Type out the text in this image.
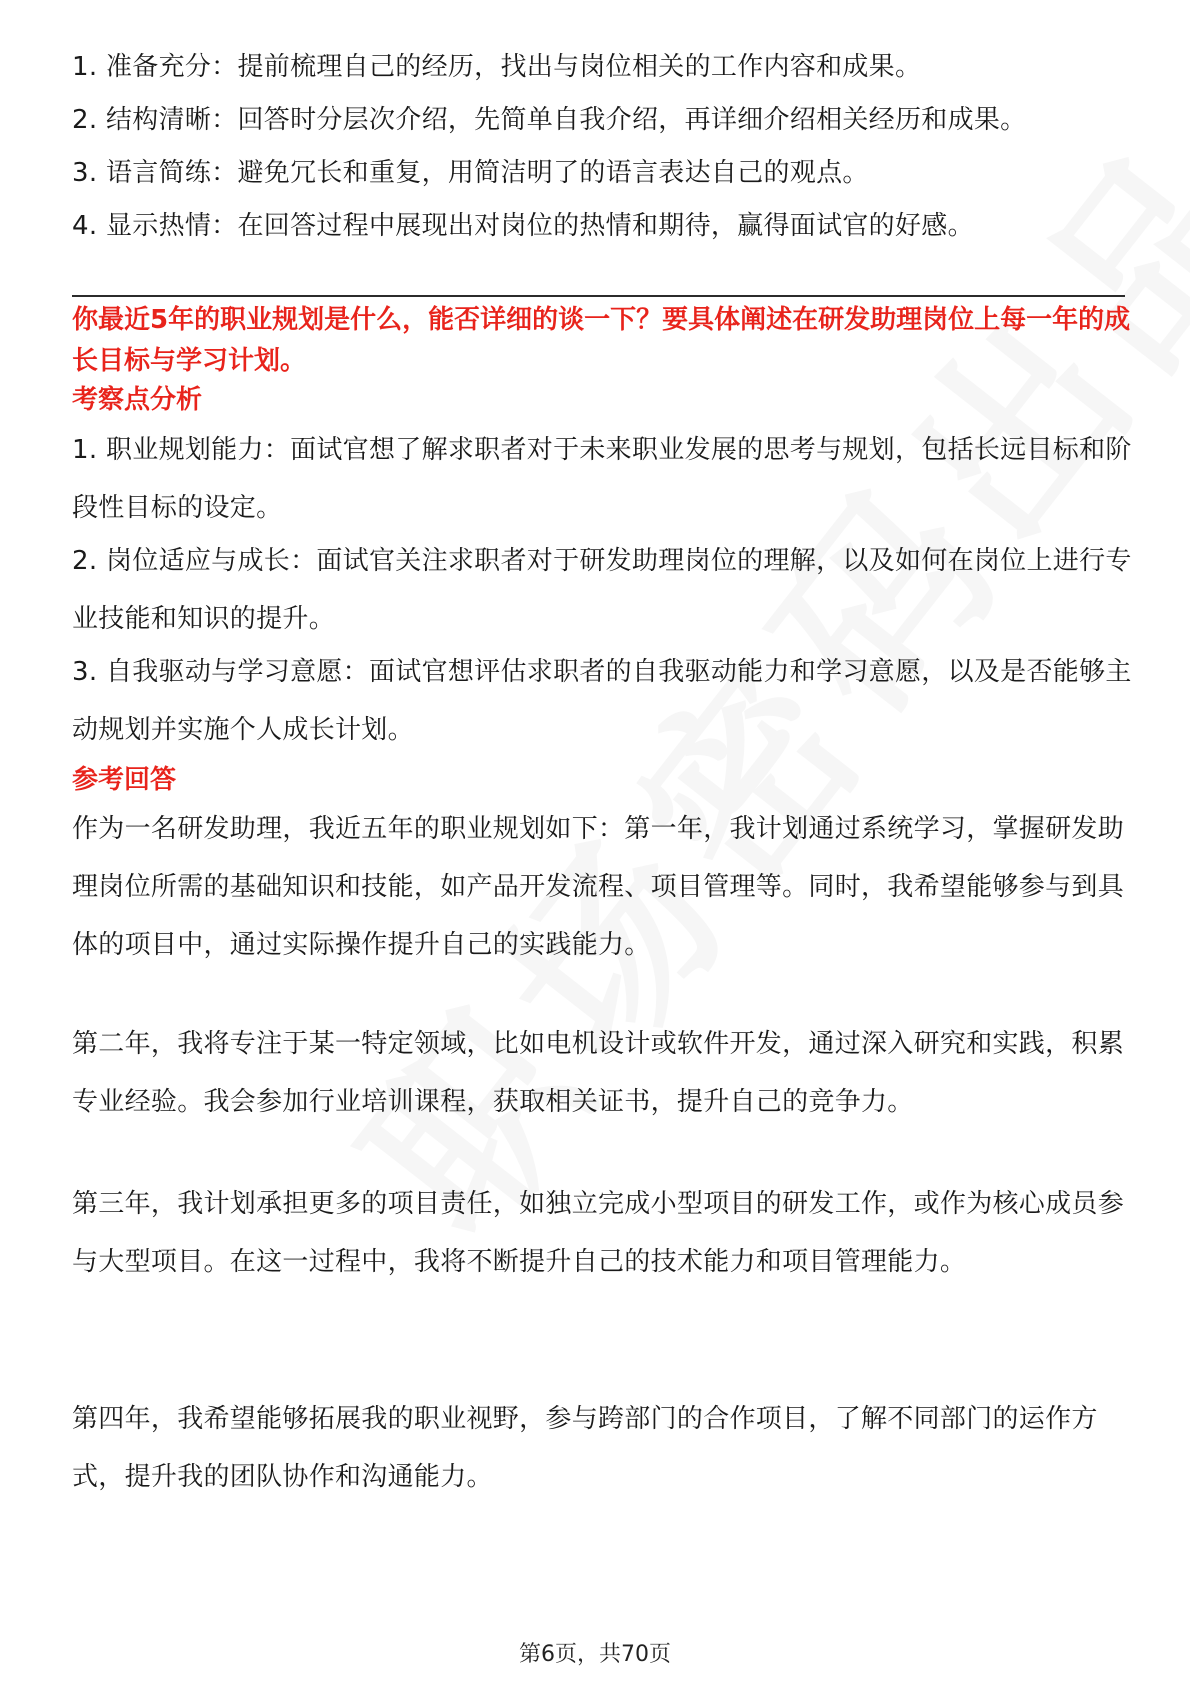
1. 准备充分：提前梳理自己的经历，找出与岗位相关的工作内容和成果。

2. 结构清晰：回答时分层次介绍，先简单自我介绍，再详细介绍相关经历和成果。

3. 语言简练：避免冗长和重复，用简洁明了的语言表达自己的观点。

4. 显示热情：在回答过程中展现出对岗位的热情和期待，赢得面试官的好感。

你最近5年的职业规划是什么，能否详细的谈一下？要具体阐述在研发助理岗位上每一年的成长目标与学习计划。

考察点分析

1. 职业规划能力：面试官想了解求职者对于未来职业发展的思考与规划，包括长远目标和阶段性目标的设定。

2. 岗位适应与成长：面试官关注求职者对于研发助理岗位的理解，以及如何在岗位上进行专业技能和知识的提升。

3. 自我驱动与学习意愿：面试官想评估求职者的自我驱动能力和学习意愿，以及是否能够主动规划并实施个人成长计划。

参考回答

作为一名研发助理，我近五年的职业规划如下：第一年，我计划通过系统学习，掌握研发助理岗位所需的基础知识和技能，如产品开发流程、项目管理等。同时，我希望能够参与到具体的项目中，通过实际操作提升自己的实践能力。

第二年，我将专注于某一特定领域，比如电机设计或软件开发，通过深入研究和实践，积累专业经验。我会参加行业培训课程，获取相关证书，提升自己的竞争力。

第三年，我计划承担更多的项目责任，如独立完成小型项目的研发工作，或作为核心成员参与大型项目。在这一过程中，我将不断提升自己的技术能力和项目管理能力。

第四年，我希望能够拓展我的职业视野，参与跨部门的合作项目，了解不同部门的运作方式，提升我的团队协作和沟通能力。

第6页，共70页
